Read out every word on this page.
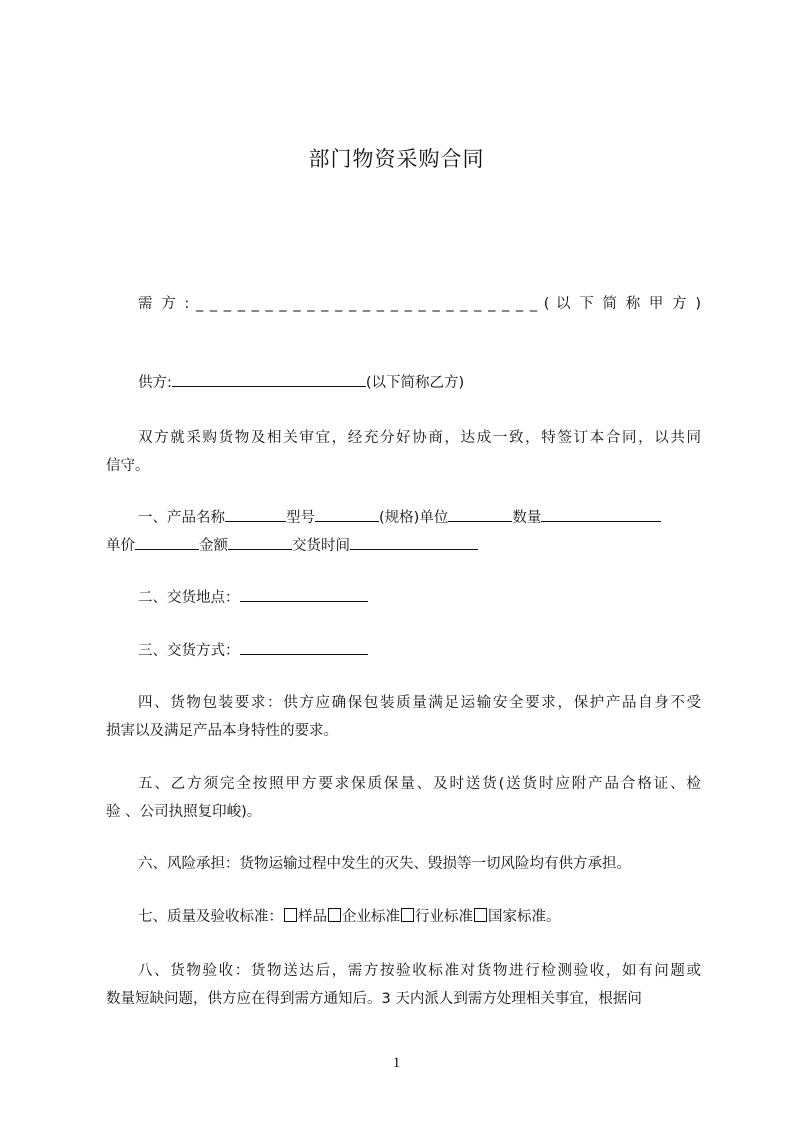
部门物资采购合同
需 方 : _ _ _ _ _ _ _ _ _ _ _ _ _ _ _ _ _ _ _ _ _ _ _ _ _ ( 以 下 简 称 甲 方 )
供方:	(以下简称乙方)
双方就采购货物及相关审宜，经充分好协商，达成一致，特签订本合同，以共同
信守。
一、产品名称	型号	(规格)单位	数量
单价	金额	交货时间
二、交货地点：
三、交货方式：
四、货物包装要求：供方应确保包装质量满足运输安全要求，保护产品自身不受
损害以及满足产品本身特性的要求。
五、乙方须完全按照甲方要求保质保量、及时送货(送货时应附产品合格证、检
验 、公司执照复印峻)。
六、风险承担：货物运输过程中发生的灭失、毁损等一切风险均有供方承担。
七、质量及验收标准： 样品 企业标准 行业标准 国家标准。
八、货物验收：货物送达后，需方按验收标准对货物进行检测验收，如有问题或
数量短缺问题，供方应在得到需方通知后。3 天内派人到需方处理相关事宜，根据问
1
